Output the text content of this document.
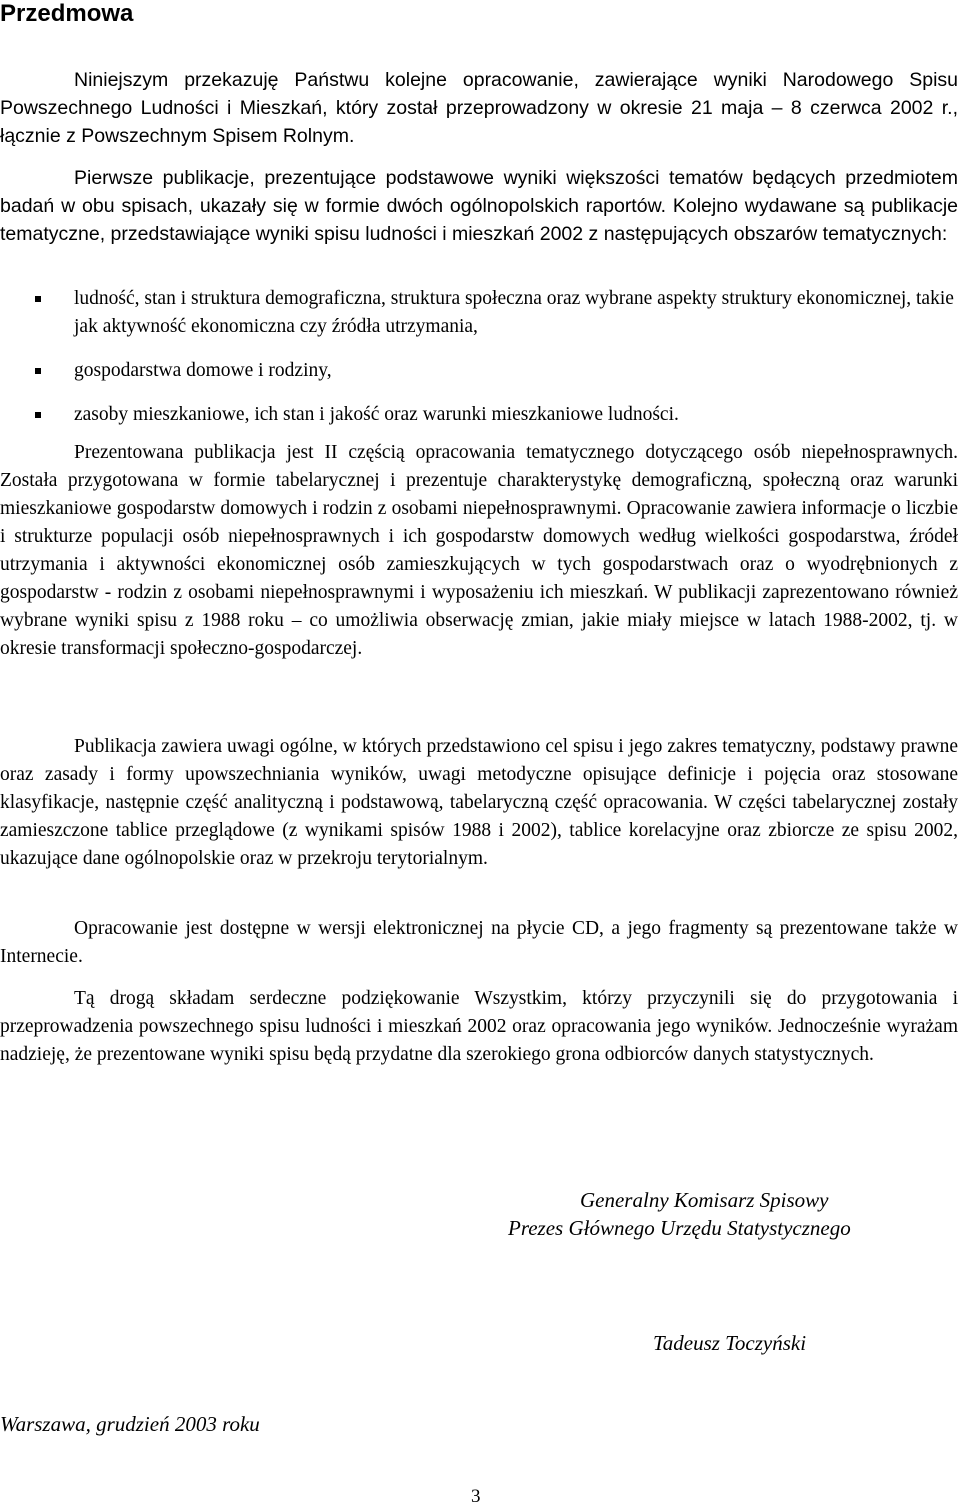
Przedmowa

Niniejszym przekazuję Państwu kolejne opracowanie, zawierające wyniki Narodowego Spisu Powszechnego Ludności i Mieszkań, który został przeprowadzony w okresie 21 maja – 8 czerwca 2002 r., łącznie z Powszechnym Spisem Rolnym.

Pierwsze publikacje, prezentujące podstawowe wyniki większości tematów będących przedmiotem badań w obu spisach, ukazały się w formie dwóch ogólnopolskich raportów. Kolejno wydawane są publikacje tematyczne, przedstawiające wyniki spisu ludności i mieszkań 2002 z następujących obszarów tematycznych:

ludność, stan i struktura demograficzna, struktura społeczna oraz wybrane aspekty struktury ekonomicznej, takie jak aktywność ekonomiczna czy źródła utrzymania,
gospodarstwa domowe i rodziny,
zasoby mieszkaniowe, ich stan i jakość oraz warunki mieszkaniowe ludności.

Prezentowana publikacja jest II częścią opracowania tematycznego dotyczącego osób niepełnosprawnych. Została przygotowana w formie tabelarycznej i prezentuje charakterystykę demograficzną, społeczną oraz warunki mieszkaniowe gospodarstw domowych i rodzin z osobami niepełnosprawnymi. Opracowanie zawiera informacje o liczbie i strukturze populacji osób niepełnosprawnych i ich gospodarstw domowych według wielkości gospodarstwa, źródeł utrzymania i aktywności ekonomicznej osób zamieszkujących w tych gospodarstwach oraz o wyodrębnionych z gospodarstw - rodzin z osobami niepełnosprawnymi i wyposażeniu ich mieszkań. W publikacji zaprezentowano również wybrane wyniki spisu z 1988 roku – co umożliwia obserwację zmian, jakie miały miejsce w latach 1988-2002, tj. w okresie transformacji społeczno-gospodarczej.

Publikacja zawiera uwagi ogólne, w których przedstawiono cel spisu i jego zakres tematyczny, podstawy prawne oraz zasady i formy upowszechniania wyników, uwagi metodyczne opisujące definicje i pojęcia oraz stosowane klasyfikacje, następnie część analityczną i podstawową, tabelaryczną część opracowania. W części tabelarycznej zostały zamieszczone tablice przeglądowe (z wynikami spisów 1988 i 2002), tablice korelacyjne oraz zbiorcze ze spisu 2002, ukazujące dane ogólnopolskie oraz w przekroju terytorialnym.

Opracowanie jest dostępne w wersji elektronicznej na płycie CD, a jego fragmenty są prezentowane także w Internecie.

Tą drogą składam serdeczne podziękowanie Wszystkim, którzy przyczynili się do przygotowania i przeprowadzenia powszechnego spisu ludności i mieszkań 2002 oraz opracowania jego wyników. Jednocześnie wyrażam nadzieję, że prezentowane wyniki spisu będą przydatne dla szerokiego grona odbiorców danych statystycznych.

Generalny Komisarz Spisowy

Prezes Głównego Urzędu Statystycznego

Tadeusz Toczyński

Warszawa, grudzień 2003 roku

3
